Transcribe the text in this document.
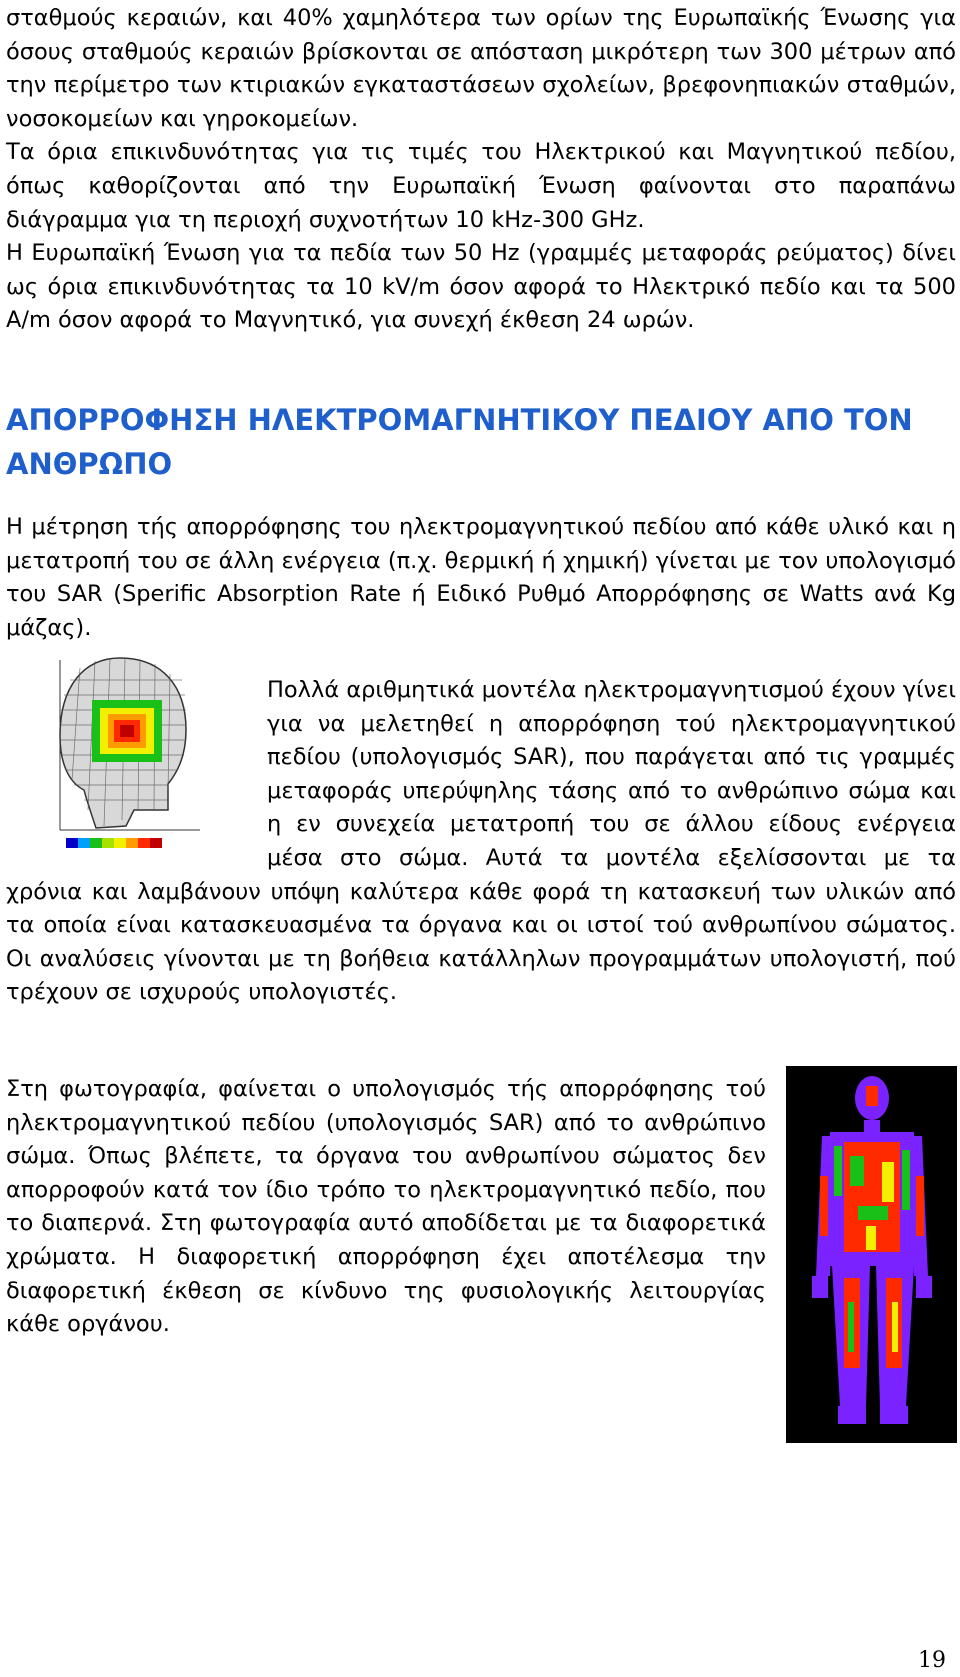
σταθμούς κεραιών, και 40% χαμηλότερα των ορίων της Ευρωπαϊκής Ένωσης για όσους σταθμούς κεραιών βρίσκονται σε απόσταση μικρότερη των 300 μέτρων από την περίμετρο των κτιριακών εγκαταστάσεων σχολείων, βρεφονηπιακών σταθμών, νοσοκομείων και γηροκομείων.

Τα όρια επικινδυνότητας για τις τιμές του Ηλεκτρικού και Μαγνητικού πεδίου, όπως καθορίζονται από την Ευρωπαϊκή Ένωση φαίνονται στο παραπάνω διάγραμμα για τη περιοχή συχνοτήτων 10 kHz-300 GHz.

Η Ευρωπαϊκή Ένωση για τα πεδία των 50 Hz (γραμμές μεταφοράς ρεύματος) δίνει ως όρια επικινδυνότητας τα 10 kV/m όσον αφορά το Ηλεκτρικό πεδίο και τα 500 A/m όσον αφορά το Μαγνητικό, για συνεχή έκθεση 24 ωρών.

ΑΠΟΡΡΟΦΗΣΗ ΗΛΕΚΤΡΟΜΑΓΝΗΤΙΚΟΥ ΠΕΔΙΟΥ ΑΠΟ ΤΟΝ ΑΝΘΡΩΠΟ

Η μέτρηση τής απορρόφησης του ηλεκτρομαγνητικού πεδίου από κάθε υλικό και η μετατροπή του σε άλλη ενέργεια (π.χ. θερμική ή χημική) γίνεται με τον υπολογισμό του SAR (Sperific Absorption Rate ή Ειδικό Ρυθμό Απορρόφησης σε Watts ανά Kg μάζας).

Πολλά αριθμητικά μοντέλα ηλεκτρομαγνητισμού έχουν γίνει για να μελετηθεί η απορρόφηση τού ηλεκτρομαγνητικού πεδίου (υπολογισμός SAR), που παράγεται από τις γραμμές μεταφοράς υπερύψηλης τάσης από το ανθρώπινο σώμα και η εν συνεχεία μετατροπή του σε άλλου είδους ενέργεια μέσα στο σώμα. Αυτά τα μοντέλα εξελίσσονται με τα χρόνια και λαμβάνουν υπόψη καλύτερα κάθε φορά τη κατασκευή των υλικών από τα οποία είναι κατασκευασμένα τα όργανα και οι ιστοί τού ανθρωπίνου σώματος. Οι αναλύσεις γίνονται με τη βοήθεια κατάλληλων προγραμμάτων υπολογιστή, πού τρέχουν σε ισχυρούς υπολογιστές.

Στη φωτογραφία, φαίνεται ο υπολογισμός τής απορρόφησης τού ηλεκτρομαγνητικού πεδίου (υπολογισμός SAR) από το ανθρώπινο σώμα. Όπως βλέπετε, τα όργανα του ανθρωπίνου σώματος δεν απορροφούν κατά τον ίδιο τρόπο το ηλεκτρομαγνητικό πεδίο, που το διαπερνά. Στη φωτογραφία αυτό αποδίδεται με τα διαφορετικά χρώματα. Η διαφορετική απορρόφηση έχει αποτέλεσμα την διαφορετική έκθεση σε κίνδυνο της φυσιολογικής λειτουργίας κάθε οργάνου.

19
